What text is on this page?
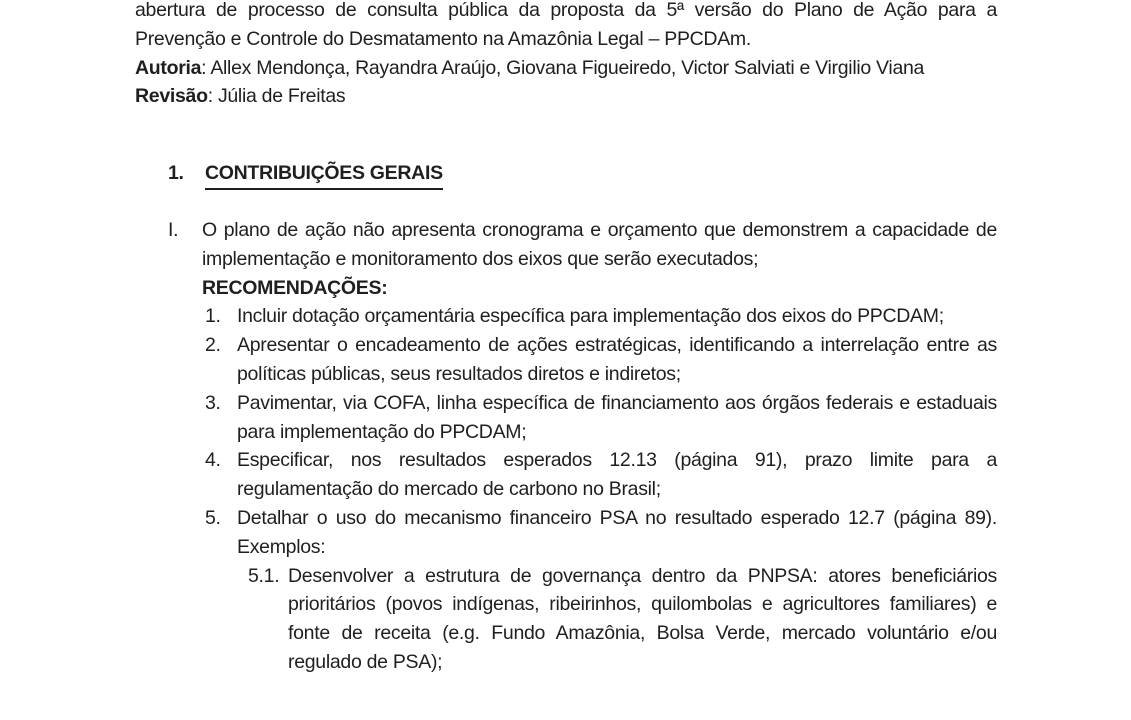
abertura de processo de consulta pública da proposta da 5ª versão do Plano de Ação para a Prevenção e Controle do Desmatamento na Amazônia Legal – PPCDAm.

Autoria: Allex Mendonça, Rayandra Araújo, Giovana Figueiredo, Victor Salviati e Virgilio Viana

Revisão: Júlia de Freitas

1.	CONTRIBUIÇÕES GERAIS
I.	O plano de ação não apresenta cronograma e orçamento que demonstrem a capacidade de implementação e monitoramento dos eixos que serão executados;
RECOMENDAÇÕES:
1. Incluir dotação orçamentária específica para implementação dos eixos do PPCDAM;
2. Apresentar o encadeamento de ações estratégicas, identificando a interrelação entre as políticas públicas, seus resultados diretos e indiretos;
3. Pavimentar, via COFA, linha específica de financiamento aos órgãos federais e estaduais para implementação do PPCDAM;
4. Especificar, nos resultados esperados 12.13 (página 91), prazo limite para a regulamentação do mercado de carbono no Brasil;
5. Detalhar o uso do mecanismo financeiro PSA no resultado esperado 12.7 (página 89). Exemplos:
5.1. Desenvolver a estrutura de governança dentro da PNPSA: atores beneficiários prioritários (povos indígenas, ribeirinhos, quilombolas e agricultores familiares) e fonte de receita (e.g. Fundo Amazônia, Bolsa Verde, mercado voluntário e/ou regulado de PSA);
